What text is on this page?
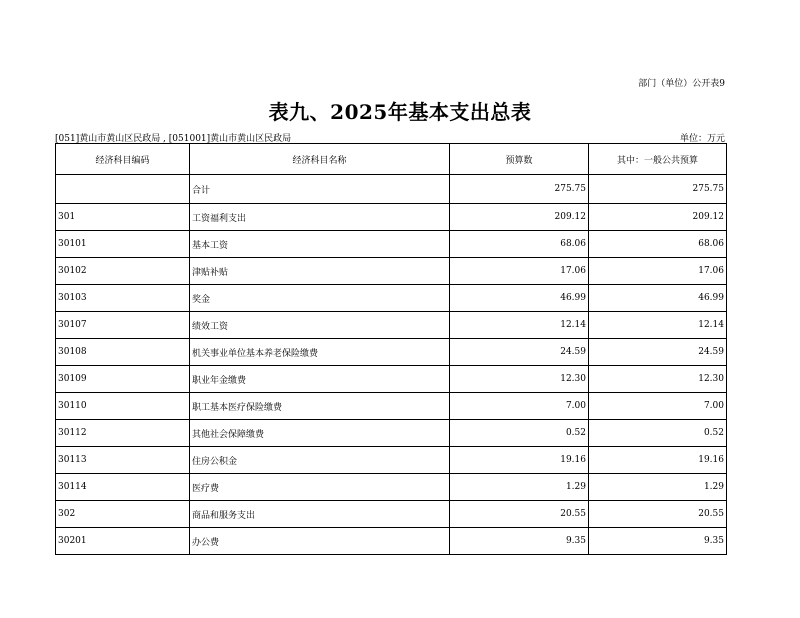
部门（单位）公开表9
表九、2025年基本支出总表
[051]黄山市黄山区民政局 , [051001]黄山市黄山区民政局	单位：万元
经济科目编码	经济科目名称	预算数	其中：一般公共预算
	合计	275.75	275.75
301	工资福利支出	209.12	209.12
30101	基本工资	68.06	68.06
30102	津贴补贴	17.06	17.06
30103	奖金	46.99	46.99
30107	绩效工资	12.14	12.14
30108	机关事业单位基本养老保险缴费	24.59	24.59
30109	职业年金缴费	12.30	12.30
30110	职工基本医疗保险缴费	7.00	7.00
30112	其他社会保障缴费	0.52	0.52
30113	住房公积金	19.16	19.16
30114	医疗费	1.29	1.29
302	商品和服务支出	20.55	20.55
30201	办公费	9.35	9.35
